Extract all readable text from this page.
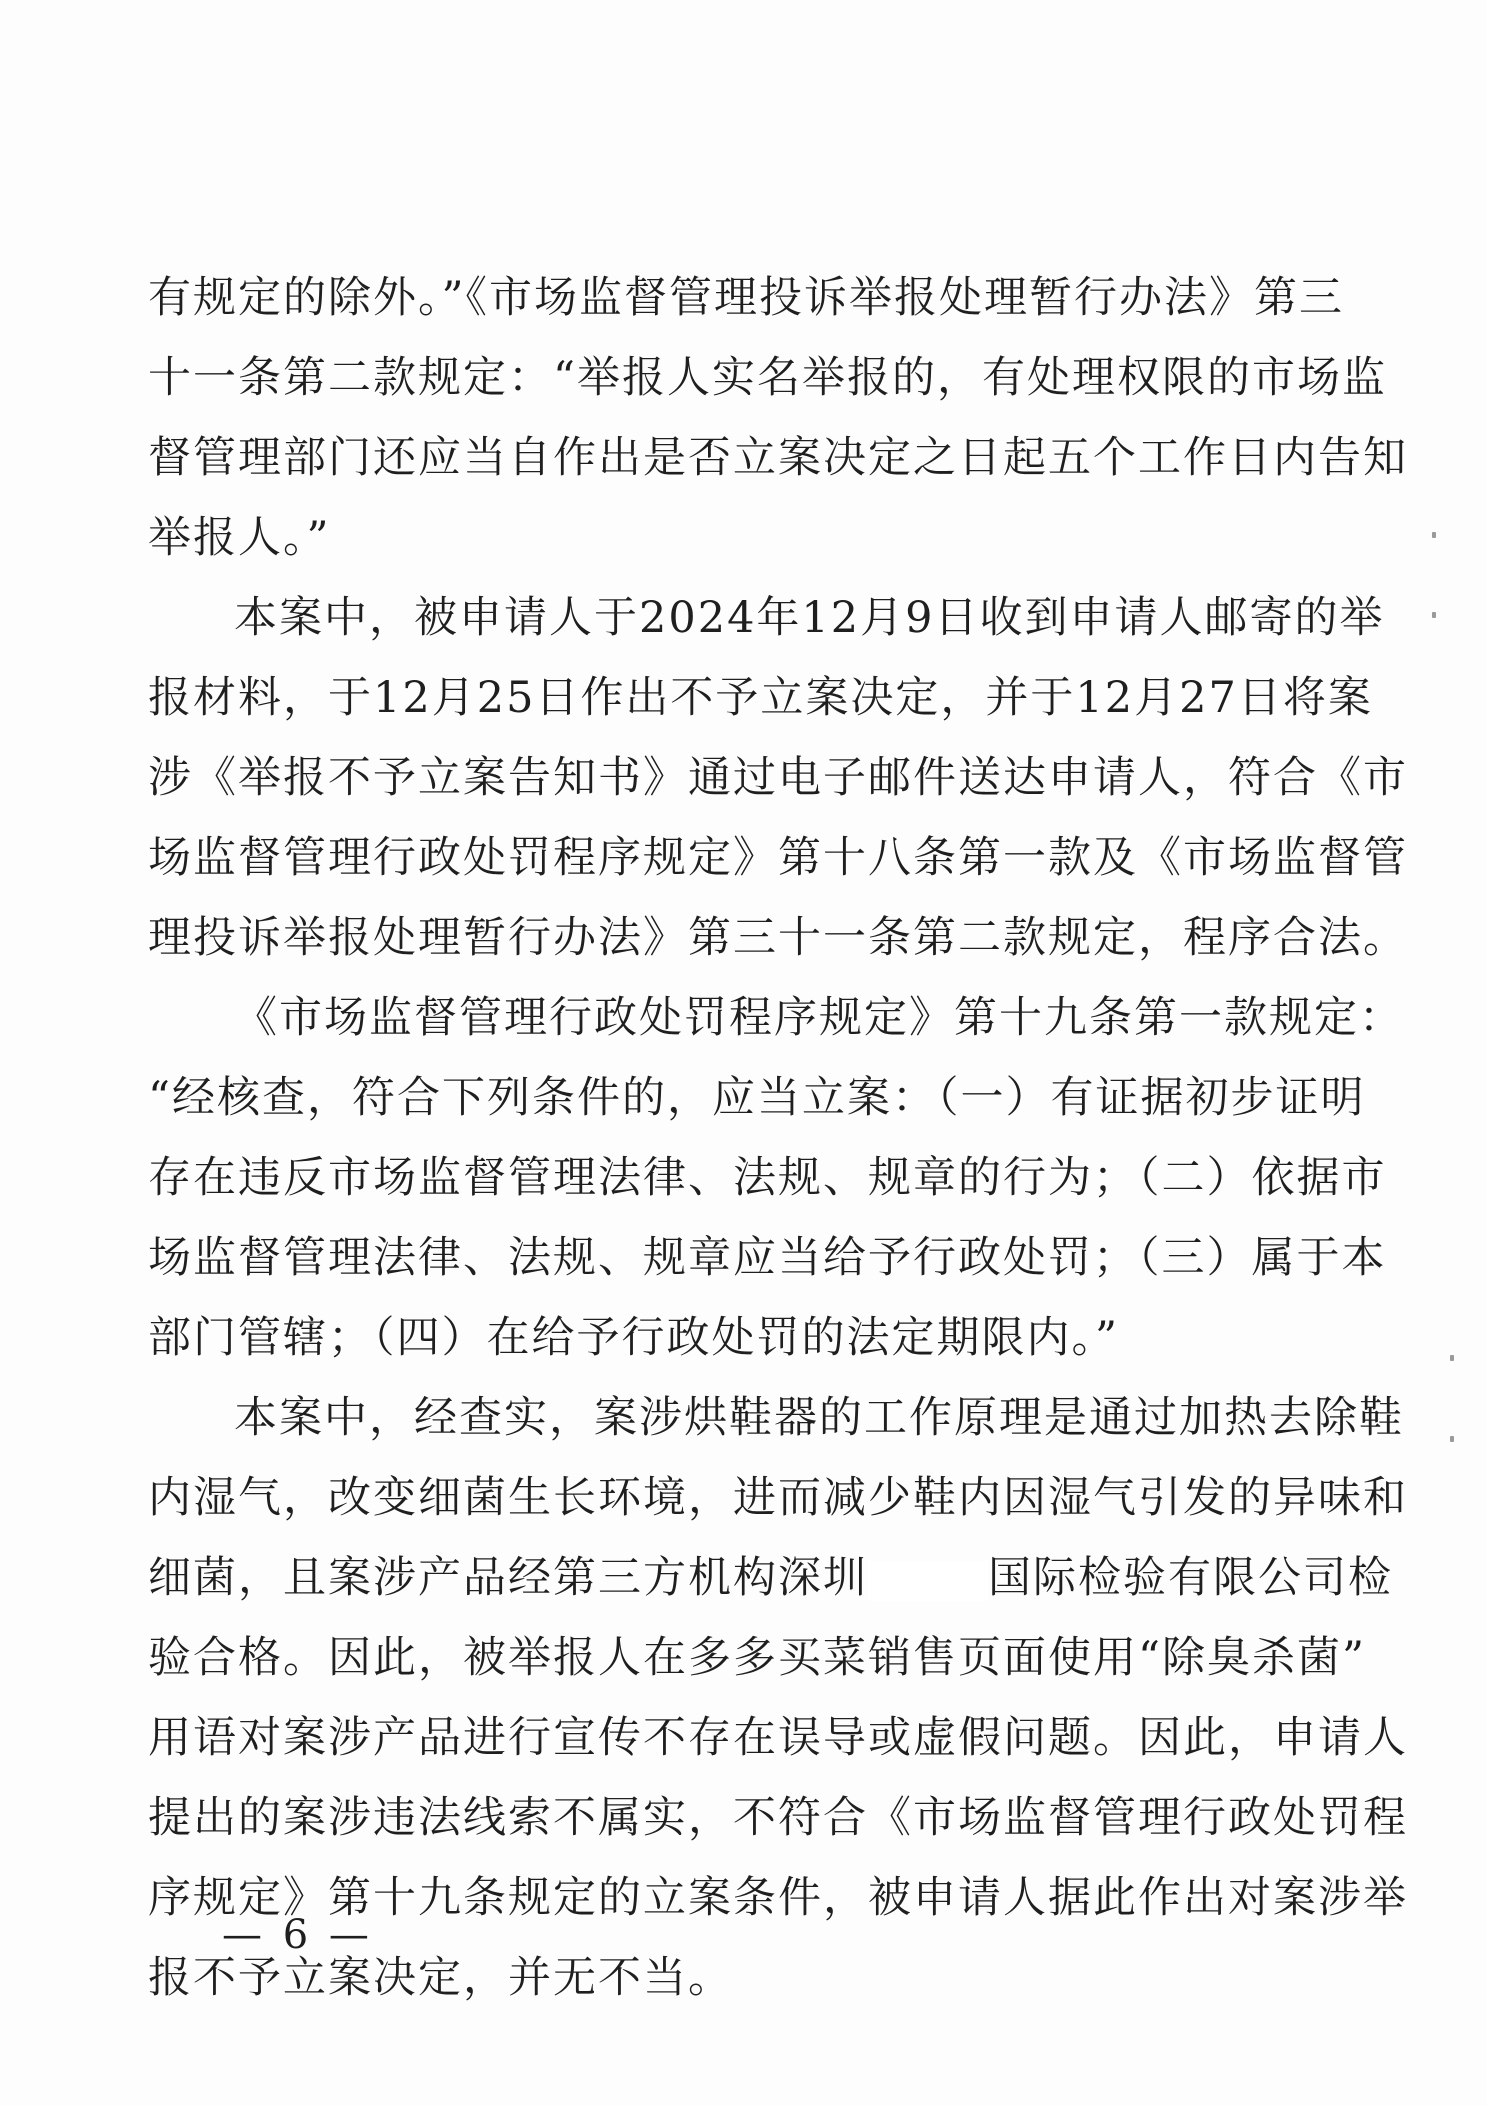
有规定的除外。”《市场监督管理投诉举报处理暂行办法》第三
十一条第二款规定：“举报人实名举报的，有处理权限的市场监
督管理部门还应当自作出是否立案决定之日起五个工作日内告知
举报人。”
本案中，被申请人于2024年12月9日收到申请人邮寄的举
报材料，于12月25日作出不予立案决定，并于12月27日将案
涉《举报不予立案告知书》通过电子邮件送达申请人，符合《市
场监督管理行政处罚程序规定》第十八条第一款及《市场监督管
理投诉举报处理暂行办法》第三十一条第二款规定，程序合法。
《市场监督管理行政处罚程序规定》第十九条第一款规定：
“经核查，符合下列条件的，应当立案：（一）有证据初步证明
存在违反市场监督管理法律、法规、规章的行为；（二）依据市
场监督管理法律、法规、规章应当给予行政处罚；（三）属于本
部门管辖；（四）在给予行政处罚的法定期限内。”
本案中，经查实，案涉烘鞋器的工作原理是通过加热去除鞋
内湿气，改变细菌生长环境，进而减少鞋内因湿气引发的异味和
细菌，且案涉产品经第三方机构深圳	国际检验有限公司检
验合格。因此，被举报人在多多买菜销售页面使用“除臭杀菌”
用语对案涉产品进行宣传不存在误导或虚假问题。因此，申请人
提出的案涉违法线索不属实，不符合《市场监督管理行政处罚程
序规定》第十九条规定的立案条件，被申请人据此作出对案涉举
报不予立案决定，并无不当。
— 6 —
